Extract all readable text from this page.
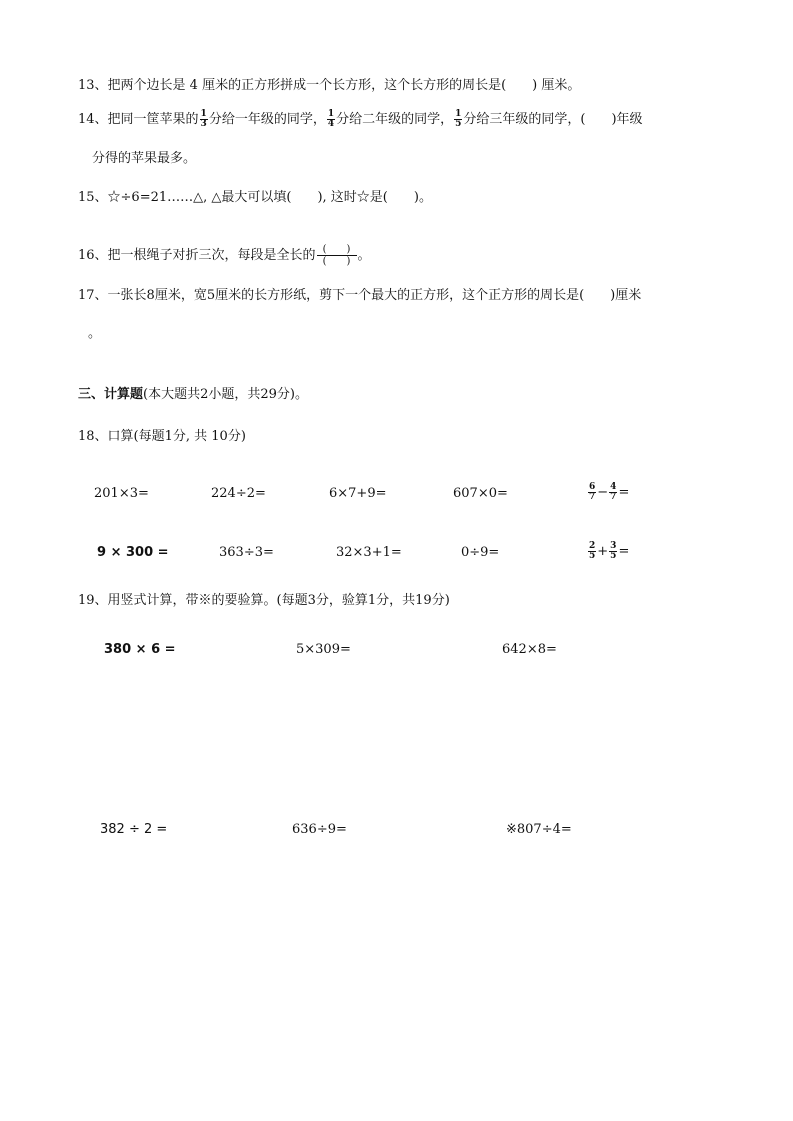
13、把两个边长是 4 厘米的正方形拼成一个长方形，这个长方形的周长是(　　) 厘米。
14、把同一筐苹果的 $\frac{1}{3}$ 分给一年级的同学， $\frac{1}{4}$ 分给二年级的同学， $\frac{1}{5}$ 分给三年级的同学，(　　)年级
分得的苹果最多。
15、☆÷6=21……△, △最大可以填(　　), 这时☆是(　　)。
16、把一根绳子对折三次，每段是全长的 $\frac{( )}{( )}$ 。
17、一张长8厘米，宽5厘米的长方形纸，剪下一个最大的正方形，这个正方形的周长是(　　)厘米
。
三、计算题(本大题共2小题，共29分)。
18、口算(每题1分, 共 10分)
201×3=	224÷2=	6×7+9=	607×0=	$\frac{6}{7} - \frac{4}{7}$ =
9 × 300 =	363÷3=	32×3+1=	0÷9=	$\frac{2}{5} + \frac{3}{5}$ =
19、用竖式计算，带※的要验算。(每题3分，验算1分，共19分)
380 × 6 =	5×309=	642×8=
382 ÷ 2 =	636÷9=	※807÷4=
